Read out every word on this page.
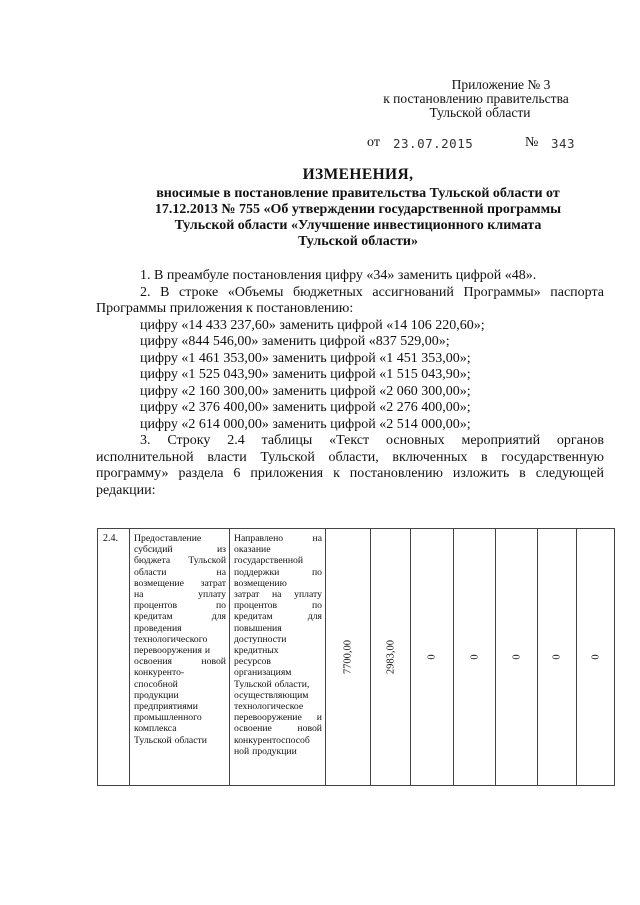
Приложение № 3
к постановлению правительства
Тульской области
от 23.07.2015	№ 343
ИЗМЕНЕНИЯ,
вносимые в постановление правительства Тульской области от
17.12.2013 № 755 «Об утверждении государственной программы
Тульской области «Улучшение инвестиционного климата
Тульской области»

1. В преамбуле постановления цифру «34» заменить цифрой «48».

2. В строке «Объемы бюджетных ассигнований Программы» паспорта Программы приложения к постановлению:

цифру «14 433 237,60» заменить цифрой «14 106 220,60»;

цифру «844 546,00» заменить цифрой «837 529,00»;

цифру «1 461 353,00» заменить цифрой «1 451 353,00»;

цифру «1 525 043,90» заменить цифрой «1 515 043,90»;

цифру «2 160 300,00» заменить цифрой «2 060 300,00»;

цифру «2 376 400,00» заменить цифрой «2 276 400,00»;

цифру «2 614 000,00» заменить цифрой «2 514 000,00»;

3. Строку 2.4 таблицы «Текст основных мероприятий органов исполнительной власти Тульской области, включенных в государственную программу» раздела 6 приложения к постановлению изложить в следующей редакции:

2.4.	Предоставление
субсидий из
бюджета Тульской
области на
возмещение затрат
на уплату
процентов по
кредитам для
проведения
технологического
перевооружения и
освоения новой
конкуренто-
способной
продукции
предприятиями
промышленного
комплекса
Тульской области

Направлено на
оказание
государственной
поддержки по
возмещению
затрат на уплату
процентов по
кредитам для
повышения
доступности
кредитных
ресурсов
организациям
Тульской области,
осуществляющим
технологическое
перевооружение и
освоение новой
конкурентоспособ
ной продукции

7700,00	2983,00	0	0	0	0	0
